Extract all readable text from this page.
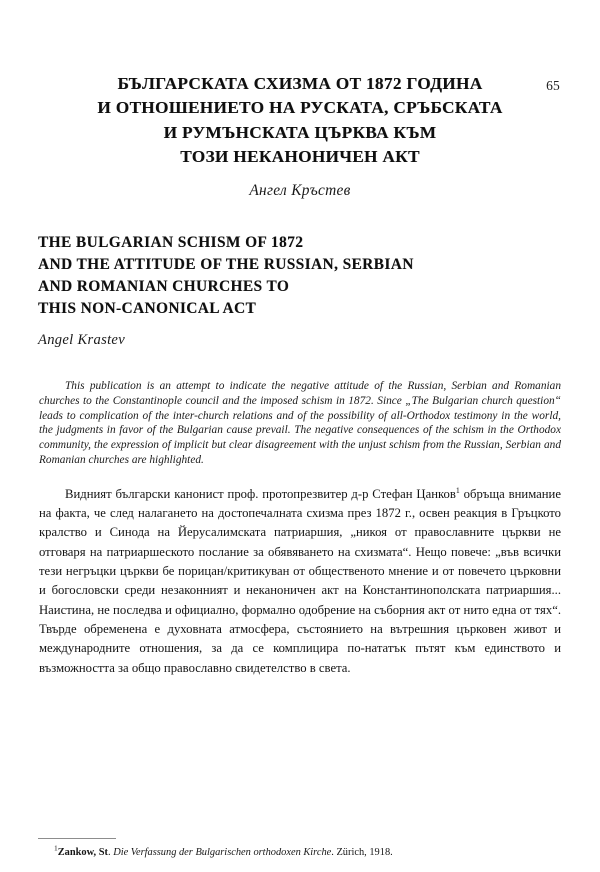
65
БЪЛГАРСКАТА СХИЗМА ОТ 1872 ГОДИНА
И ОТНОШЕНИЕТО НА РУСКАТА, СРЪБСКАТА
И РУМЪНСКАТА ЦЪРКВА КЪМ
ТОЗИ НЕКАНОНИЧЕН АКТ
Ангел Кръстев
THE BULGARIAN SCHISM OF 1872
AND THE ATTITUDE OF THE RUSSIAN, SERBIAN
AND ROMANIAN CHURCHES TO
THIS NON-CANONICAL ACT
Angel Krastev
This publication is an attempt to indicate the negative attitude of the Russian, Serbian and Romanian churches to the Constantinople council and the imposed schism in 1872. Since „The Bulgarian church question“ leads to complication of the inter-church relations and of the possibility of all-Orthodox testimony in the world, the judgments in favor of the Bulgarian cause prevail. The negative consequences of the schism in the Orthodox community, the expression of implicit but clear disagreement with the unjust schism from the Russian, Serbian and Romanian churches are highlighted.
Видният български канонист проф. протопрезвитер д-р Стефан Цанков$^1$ обръща внимание на факта, че след налагането на достопечалната схизма през 1872 г., освен реакция в Гръцкото кралство и Синода на Йерусалимската патриаршия, „никоя от православните църкви не отговаря на патриаршеското послание за обявяването на схизмата“. Нещо повече: „във всички тези негръцки църкви бе порицан/критикуван от общественото мнение и от повечето църковни и богословски среди незаконният и неканоничен акт на Константинополската патриаршия... Наистина, не последва и официално, формално одобрение на съборния акт от нито една от тях“. Твърде обременена е духовната атмосфера, състоянието на вътрешния църковен живот и международните отношения, за да се комплицира по-нататък пътят към единството и възможността за общо православно свидетелство в света.
$^1$Zankow, St. Die Verfassung der Bulgarischen orthodoxen Kirche. Zürich, 1918.
